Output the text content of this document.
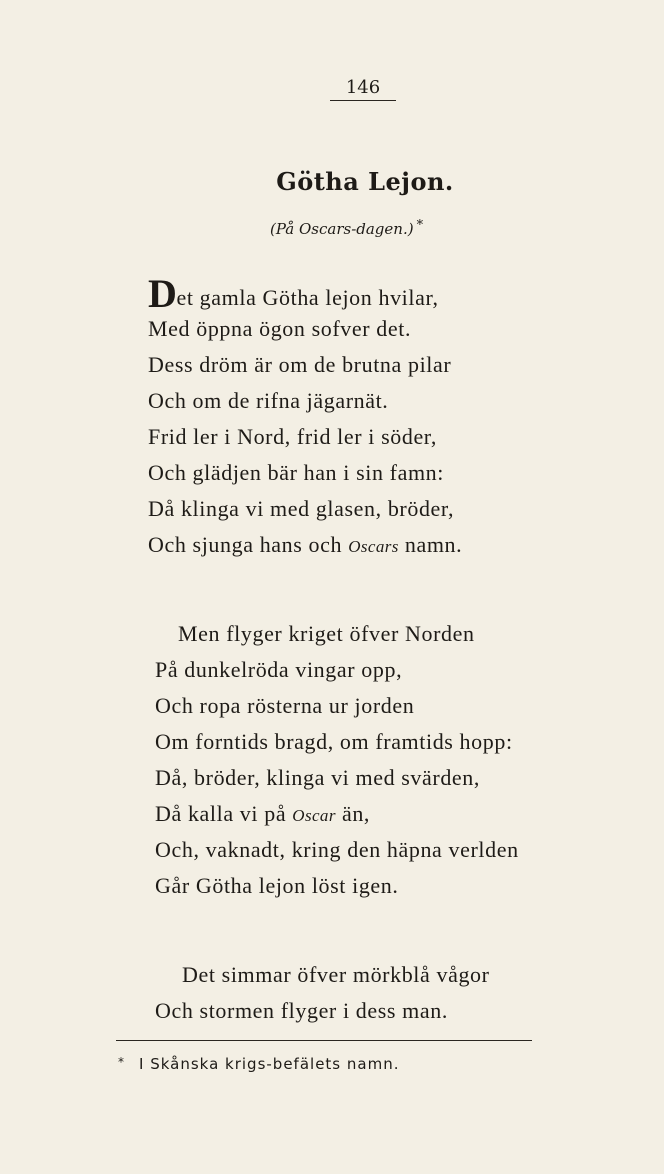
146
Götha Lejon.
(På Oscars-dagen.) *
Det gamla Götha lejon hvilar,
Med öppna ögon sofver det.
Dess dröm är om de brutna pilar
Och om de rifna jägarnät.
Frid ler i Nord, frid ler i söder,
Och glädjen bär han i sin famn:
Då klinga vi med glasen, bröder,
Och sjunga hans och Oscars namn.
Men flyger kriget öfver Norden
På dunkelröda vingar opp,
Och ropa rösterna ur jorden
Om forntids bragd, om framtids hopp:
Då, bröder, klinga vi med svärden,
Då kalla vi på Oscar än,
Och, vaknadt, kring den häpna verlden
Går Götha lejon löst igen.
Det simmar öfver mörkblå vågor
Och stormen flyger i dess man.
* I Skånska krigs-befälets namn.
